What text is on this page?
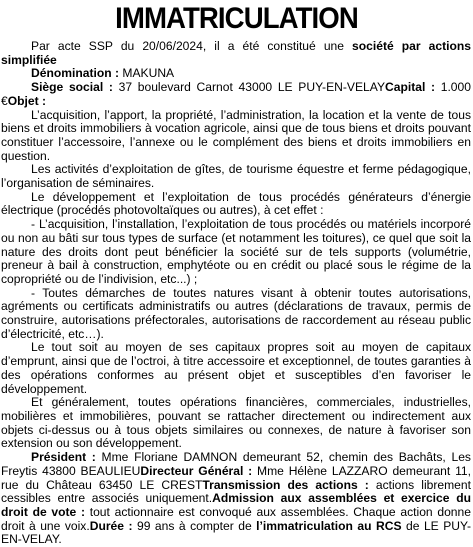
IMMATRICULATION

Par acte SSP du 20/06/2024, il a été constitué une société par actions simplifiée

Dénomination : MAKUNA

Siège social : 37 boulevard Carnot 43000 LE PUY-EN-VELAYCapital : 1.000 €Objet :

L’acquisition, l’apport, la propriété, l’administration, la location et la vente de tous biens et droits immobiliers à vocation agricole, ainsi que de tous biens et droits pouvant constituer l’accessoire, l’annexe ou le complément des biens et droits immobiliers en question.

Les activités d’exploitation de gîtes, de tourisme équestre et ferme pédagogique, l’organisation de séminaires.

Le développement et l’exploitation de tous procédés générateurs d’énergie électrique (procédés photovoltaïques ou autres), à cet effet :

- L’acquisition, l’installation, l’exploitation de tous procédés ou matériels incorporé ou non au bâti sur tous types de surface (et notamment les toitures), ce quel que soit la nature des droits dont peut bénéficier la société sur de tels supports (volumétrie, preneur à bail à construction, emphytéote ou en crédit ou placé sous le régime de la copropriété ou de l’indivision, etc...) ;

- Toutes démarches de toutes natures visant à obtenir toutes autorisations, agréments ou certificats administratifs ou autres (déclarations de travaux, permis de construire, autorisations préfectorales, autorisations de raccordement au réseau public d’électricité, etc…).

Le tout soit au moyen de ses capitaux propres soit au moyen de capitaux d’emprunt, ainsi que de l’octroi, à titre accessoire et exceptionnel, de toutes garanties à des opérations conformes au présent objet et susceptibles d’en favoriser le développement.

Et généralement, toutes opérations financières, commerciales, industrielles, mobilières et immobilières, pouvant se rattacher directement ou indirectement aux objets ci-dessus ou à tous objets similaires ou connexes, de nature à favoriser son extension ou son développement.

Président : Mme Floriane DAMNON demeurant 52, chemin des Bachâts, Les Freytis 43800 BEAULIEUDirecteur Général : Mme Hélène LAZZARO demeurant 11, rue du Château 63450 LE CRESTTransmission des actions : actions librement cessibles entre associés uniquement.Admission aux assemblées et exercice du droit de vote : tout actionnaire est convoqué aux assemblées. Chaque action donne droit à une voix.Durée : 99 ans à compter de l’immatriculation au RCS de LE PUY-EN-VELAY.
